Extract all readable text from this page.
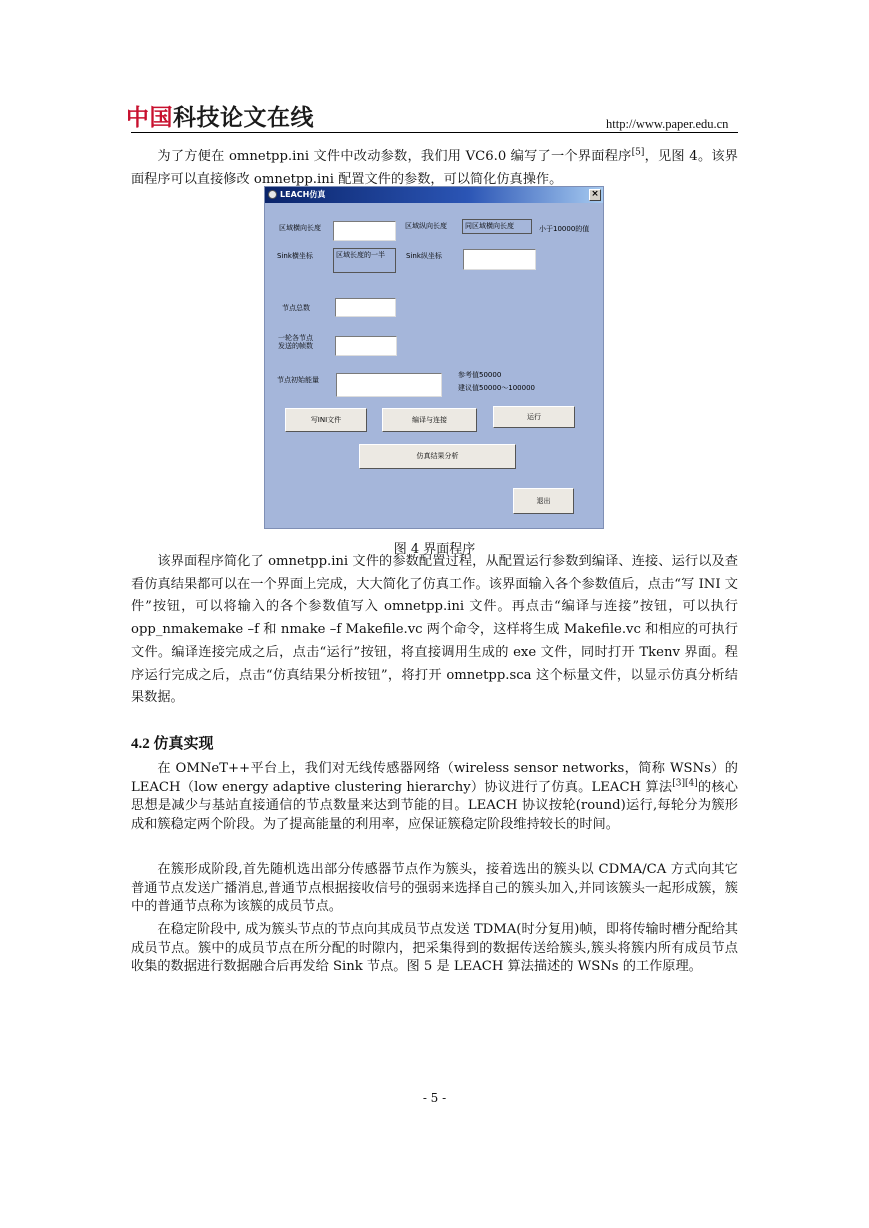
中国科技论文在线	http://www.paper.edu.cn
为了方便在 omnetpp.ini 文件中改动参数，我们用 VC6.0 编写了一个界面程序[5]，见图 4。该界面程序可以直接修改 omnetpp.ini 配置文件的参数，可以简化仿真操作。
LEACH仿真	×
区域横向长度	区域纵向长度	同区域横向长度	小于10000的值
Sink横坐标	区域长度的一半	Sink纵坐标
节点总数
一轮各节点
发送的帧数
节点初始能量
参考值50000
建议值50000～100000
写INI文件	编译与连接	运行
仿真结果分析
退出
图 4 界面程序
该界面程序简化了 omnetpp.ini 文件的参数配置过程，从配置运行参数到编译、连接、运行以及查看仿真结果都可以在一个界面上完成，大大简化了仿真工作。该界面输入各个参数值后，点击“写 INI 文件”按钮，可以将输入的各个参数值写入 omnetpp.ini 文件。再点击“编译与连接”按钮，可以执行 opp_nmakemake –f 和 nmake –f Makefile.vc 两个命令，这样将生成 Makefile.vc 和相应的可执行文件。编译连接完成之后，点击“运行”按钮，将直接调用生成的 exe 文件，同时打开 Tkenv 界面。程序运行完成之后，点击“仿真结果分析按钮”，将打开 omnetpp.sca 这个标量文件，以显示仿真分析结果数据。
4.2 仿真实现
在 OMNeT++平台上，我们对无线传感器网络（wireless sensor networks，简称 WSNs）的 LEACH（low energy adaptive clustering hierarchy）协议进行了仿真。LEACH 算法[3][4]的核心思想是减少与基站直接通信的节点数量来达到节能的目。LEACH 协议按轮(round)运行,每轮分为簇形成和簇稳定两个阶段。为了提高能量的利用率，应保证簇稳定阶段维持较长的时间。
在簇形成阶段,首先随机选出部分传感器节点作为簇头，接着选出的簇头以 CDMA/CA 方式向其它普通节点发送广播消息,普通节点根据接收信号的强弱来选择自己的簇头加入,并同该簇头一起形成簇，簇中的普通节点称为该簇的成员节点。
在稳定阶段中, 成为簇头节点的节点向其成员节点发送 TDMA(时分复用)帧，即将传输时槽分配给其成员节点。簇中的成员节点在所分配的时隙内，把采集得到的数据传送给簇头,簇头将簇内所有成员节点收集的数据进行数据融合后再发给 Sink 节点。图 5 是 LEACH 算法描述的 WSNs 的工作原理。
- 5 -
